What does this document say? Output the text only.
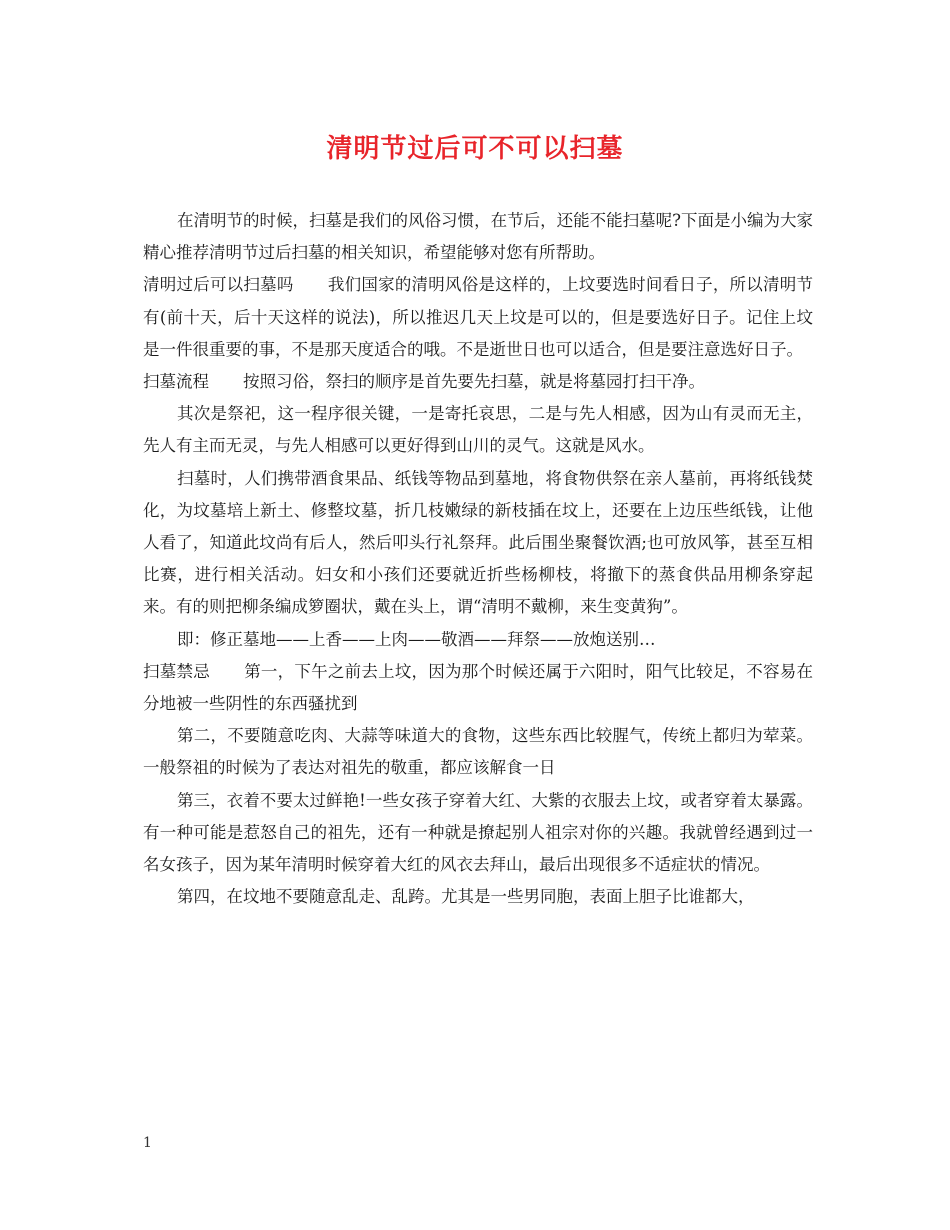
清明节过后可不可以扫墓

在清明节的时候，扫墓是我们的风俗习惯，在节后，还能不能扫墓呢?下面是小编为大家精心推荐清明节过后扫墓的相关知识，希望能够对您有所帮助。

清明过后可以扫墓吗 我们国家的清明风俗是这样的，上坟要选时间看日子，所以清明节有(前十天，后十天这样的说法)，所以推迟几天上坟是可以的，但是要选好日子。记住上坟是一件很重要的事，不是那天度适合的哦。不是逝世日也可以适合，但是要注意选好日子。

扫墓流程 按照习俗，祭扫的顺序是首先要先扫墓，就是将墓园打扫干净。

其次是祭祀，这一程序很关键，一是寄托哀思，二是与先人相感，因为山有灵而无主，先人有主而无灵，与先人相感可以更好得到山川的灵气。这就是风水。

扫墓时，人们携带酒食果品、纸钱等物品到墓地，将食物供祭在亲人墓前，再将纸钱焚化，为坟墓培上新土、修整坟墓，折几枝嫩绿的新枝插在坟上，还要在上边压些纸钱，让他人看了，知道此坟尚有后人，然后叩头行礼祭拜。此后围坐聚餐饮酒;也可放风筝，甚至互相比赛，进行相关活动。妇女和小孩们还要就近折些杨柳枝，将撤下的蒸食供品用柳条穿起来。有的则把柳条编成箩圈状，戴在头上，谓“清明不戴柳，来生变黄狗”。

即：修正墓地——上香——上肉——敬酒——拜祭——放炮送别…

扫墓禁忌 第一，下午之前去上坟，因为那个时候还属于六阳时，阳气比较足，不容易在分地被一些阴性的东西骚扰到

第二，不要随意吃肉、大蒜等味道大的食物，这些东西比较腥气，传统上都归为荤菜。一般祭祖的时候为了表达对祖先的敬重，都应该解食一日

第三，衣着不要太过鲜艳!一些女孩子穿着大红、大紫的衣服去上坟，或者穿着太暴露。有一种可能是惹怒自己的祖先，还有一种就是撩起别人祖宗对你的兴趣。我就曾经遇到过一名女孩子，因为某年清明时候穿着大红的风衣去拜山，最后出现很多不适症状的情况。

第四，在坟地不要随意乱走、乱跨。尤其是一些男同胞，表面上胆子比谁都大，

1
